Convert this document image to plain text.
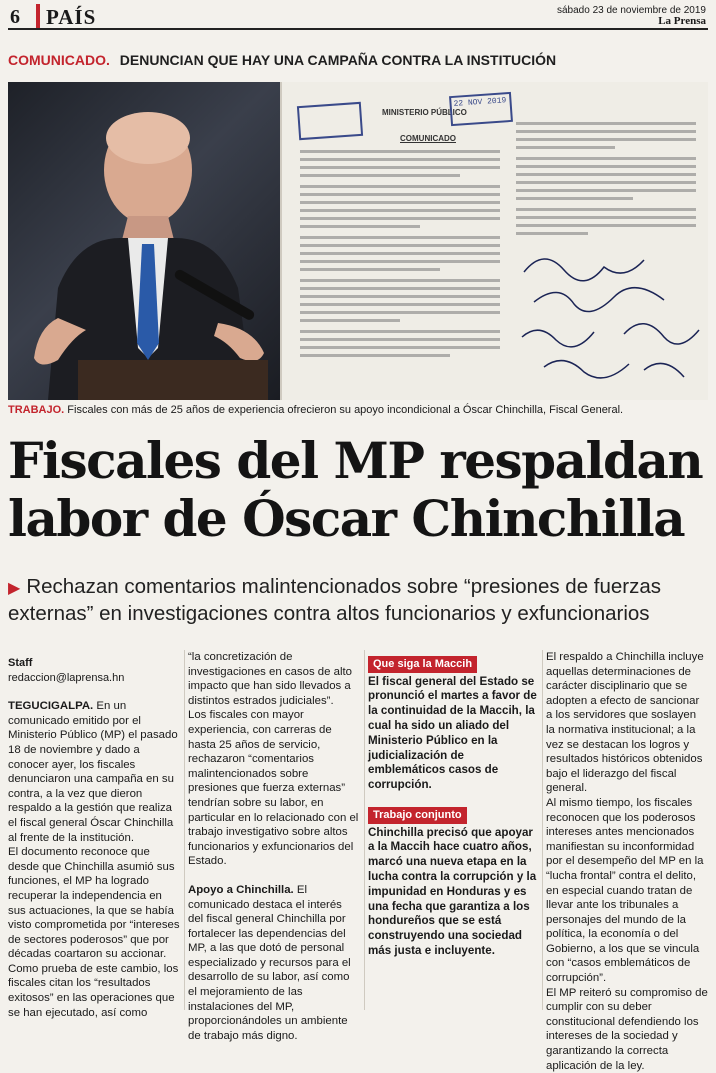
6 PAÍS	sábado 23 de noviembre de 2019
La Prensa
COMUNICADO. DENUNCIAN QUE HAY UNA CAMPAÑA CONTRA LA INSTITUCIÓN
MINISTERIO PÚBLICO
22 NOV 2019
COMUNICADO
TRABAJO. Fiscales con más de 25 años de experiencia ofrecieron su apoyo incondicional a Óscar Chinchilla, Fiscal General.
Fiscales del MP respaldan
labor de Óscar Chinchilla
▶ Rechazan comentarios malintencionados sobre “presiones de fuerzas externas” en investigaciones contra altos funcionarios y exfuncionarios
Staff
redaccion@laprensa.hn

TEGUCIGALPA. En un comunicado emitido por el Ministerio Público (MP) el pasado 18 de noviembre y dado a conocer ayer, los fiscales denunciaron una campaña en su contra, a la vez que dieron respaldo a la gestión que realiza el fiscal general Óscar Chinchilla al frente de la institución.

El documento reconoce que desde que Chinchilla asumió sus funciones, el MP ha logrado recuperar la independencia en sus actuaciones, la que se había visto comprometida por “intereses de sectores poderosos” que por décadas coartaron su accionar. Como prueba de este cambio, los fiscales citan los “resultados exitosos” en las operaciones que se han ejecutado, así como

“la concretización de investigaciones en casos de alto impacto que han sido llevados a distintos estrados judiciales”.

Los fiscales con mayor experiencia, con carreras de hasta 25 años de servicio, rechazaron “comentarios malintencionados sobre presiones que fuerza externas” tendrían sobre su labor, en particular en lo relacionado con el trabajo investigativo sobre altos funcionarios y exfuncionarios del Estado.

Apoyo a Chinchilla. El comunicado destaca el interés del fiscal general Chinchilla por fortalecer las dependencias del MP, a las que dotó de personal especializado y recursos para el desarrollo de su labor, así como el mejoramiento de las instalaciones del MP, proporcionándoles un ambiente de trabajo más digno.

Que siga la Maccih

El fiscal general del Estado se pronunció el martes a favor de la continuidad de la Maccih, la cual ha sido un aliado del Ministerio Público en la judicialización de emblemáticos casos de corrupción.

Trabajo conjunto

Chinchilla precisó que apoyar a la Maccih hace cuatro años, marcó una nueva etapa en la lucha contra la corrupción y la impunidad en Honduras y es una fecha que garantiza a los hondureños que se está construyendo una sociedad más justa e incluyente.

El respaldo a Chinchilla incluye aquellas determinaciones de carácter disciplinario que se adopten a efecto de sancionar a los servidores que soslayen la normativa institucional; a la vez se destacan los logros y resultados históricos obtenidos bajo el liderazgo del fiscal general.

Al mismo tiempo, los fiscales reconocen que los poderosos intereses antes mencionados manifiestan su inconformidad por el desempeño del MP en la “lucha frontal” contra el delito, en especial cuando tratan de llevar ante los tribunales a personajes del mundo de la política, la economía o del Gobierno, a los que se vincula con “casos emblemáticos de corrupción”.

El MP reiteró su compromiso de cumplir con su deber constitucional defendiendo los intereses de la sociedad y garantizando la correcta aplicación de la ley.
